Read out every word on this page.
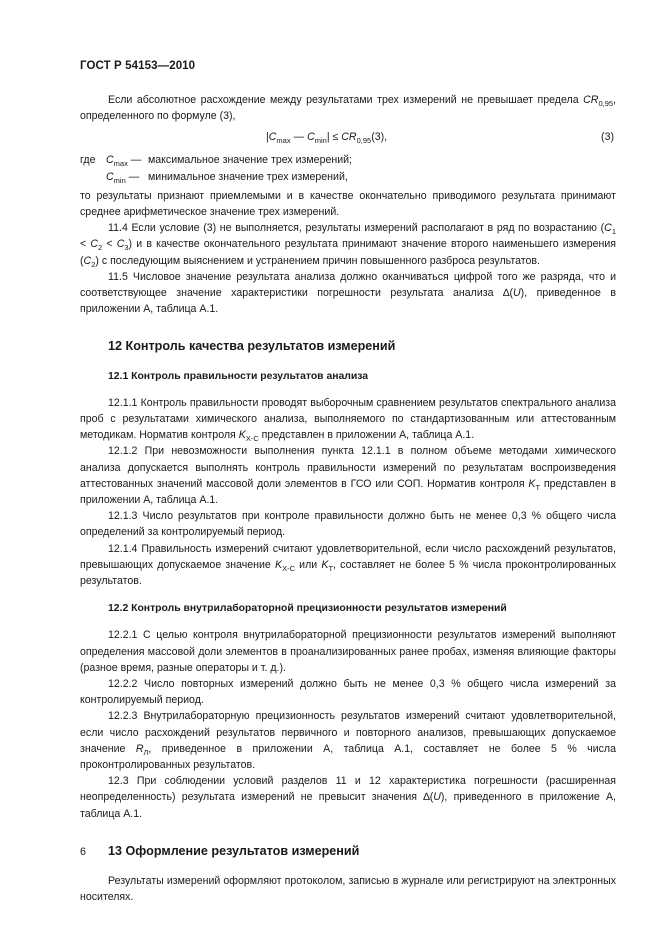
ГОСТ Р 54153—2010

Если абсолютное расхождение между результатами трех измерений не превышает предела $CR_{0,95}$, определенного по формуле (3),

$|C_{max}$ — $C_{min}| \le CR_{0,95}(3)$,	(3)
где $C_{max}$ — максимальное значение трех измерений;
$C_{min}$ — минимальное значение трех измерений,

то результаты признают приемлемыми и в качестве окончательно приводимого результата принимают среднее арифметическое значение трех измерений.

11.4 Если условие (3) не выполняется, результаты измерений располагают в ряд по возрастанию $(C_1 < C_2 < C_3)$ и в качестве окончательного результата принимают значение второго наименьшего измерения $(C_2)$ с последующим выяснением и устранением причин повышенного разброса результатов.

11.5 Числовое значение результата анализа должно оканчиваться цифрой того же разряда, что и соответствующее значение характеристики погрешности результата анализа ∆(U), приведенное в приложении А, таблица А.1.

12 Контроль качества результатов измерений
12.1 Контроль правильности результатов анализа

12.1.1 Контроль правильности проводят выборочным сравнением результатов спектрального анализа проб с результатами химического анализа, выполняемого по стандартизованным или аттестованным методикам. Норматив контроля $K_{Х-С}$ представлен в приложении А, таблица А.1.

12.1.2 При невозможности выполнения пункта 12.1.1 в полном объеме методами химического анализа допускается выполнять контроль правильности измерений по результатам воспроизведения аттестованных значений массовой доли элементов в ГСО или СОП. Норматив контроля $K_Т$ представлен в приложении А, таблица А.1.

12.1.3 Число результатов при контроле правильности должно быть не менее 0,3 % общего числа определений за контролируемый период.

12.1.4 Правильность измерений считают удовлетворительной, если число расхождений результатов, превышающих допускаемое значение $K_{Х-С}$ или $K_Т$, составляет не более 5 % числа проконтролированных результатов.

12.2 Контроль внутрилабораторной прецизионности результатов измерений

12.2.1 С целью контроля внутрилабораторной прецизионности результатов измерений выполняют определения массовой доли элементов в проанализированных ранее пробах, изменяя влияющие факторы (разное время, разные операторы и т. д.).

12.2.2 Число повторных измерений должно быть не менее 0,3 % общего числа измерений за контролируемый период.

12.2.3 Внутрилабораторную прецизионность результатов измерений считают удовлетворительной, если число расхождений результатов первичного и повторного анализов, превышающих допускаемое значение $R_Л$, приведенное в приложении А, таблица А.1, составляет не более 5 % числа проконтролированных результатов.

12.3 При соблюдении условий разделов 11 и 12 характеристика погрешности (расширенная неопределенность) результата измерений не превысит значения ∆(U), приведенного в приложение А, таблица А.1.

13 Оформление результатов измерений

Результаты измерений оформляют протоколом, записью в журнале или регистрируют на электронных носителях.

6
